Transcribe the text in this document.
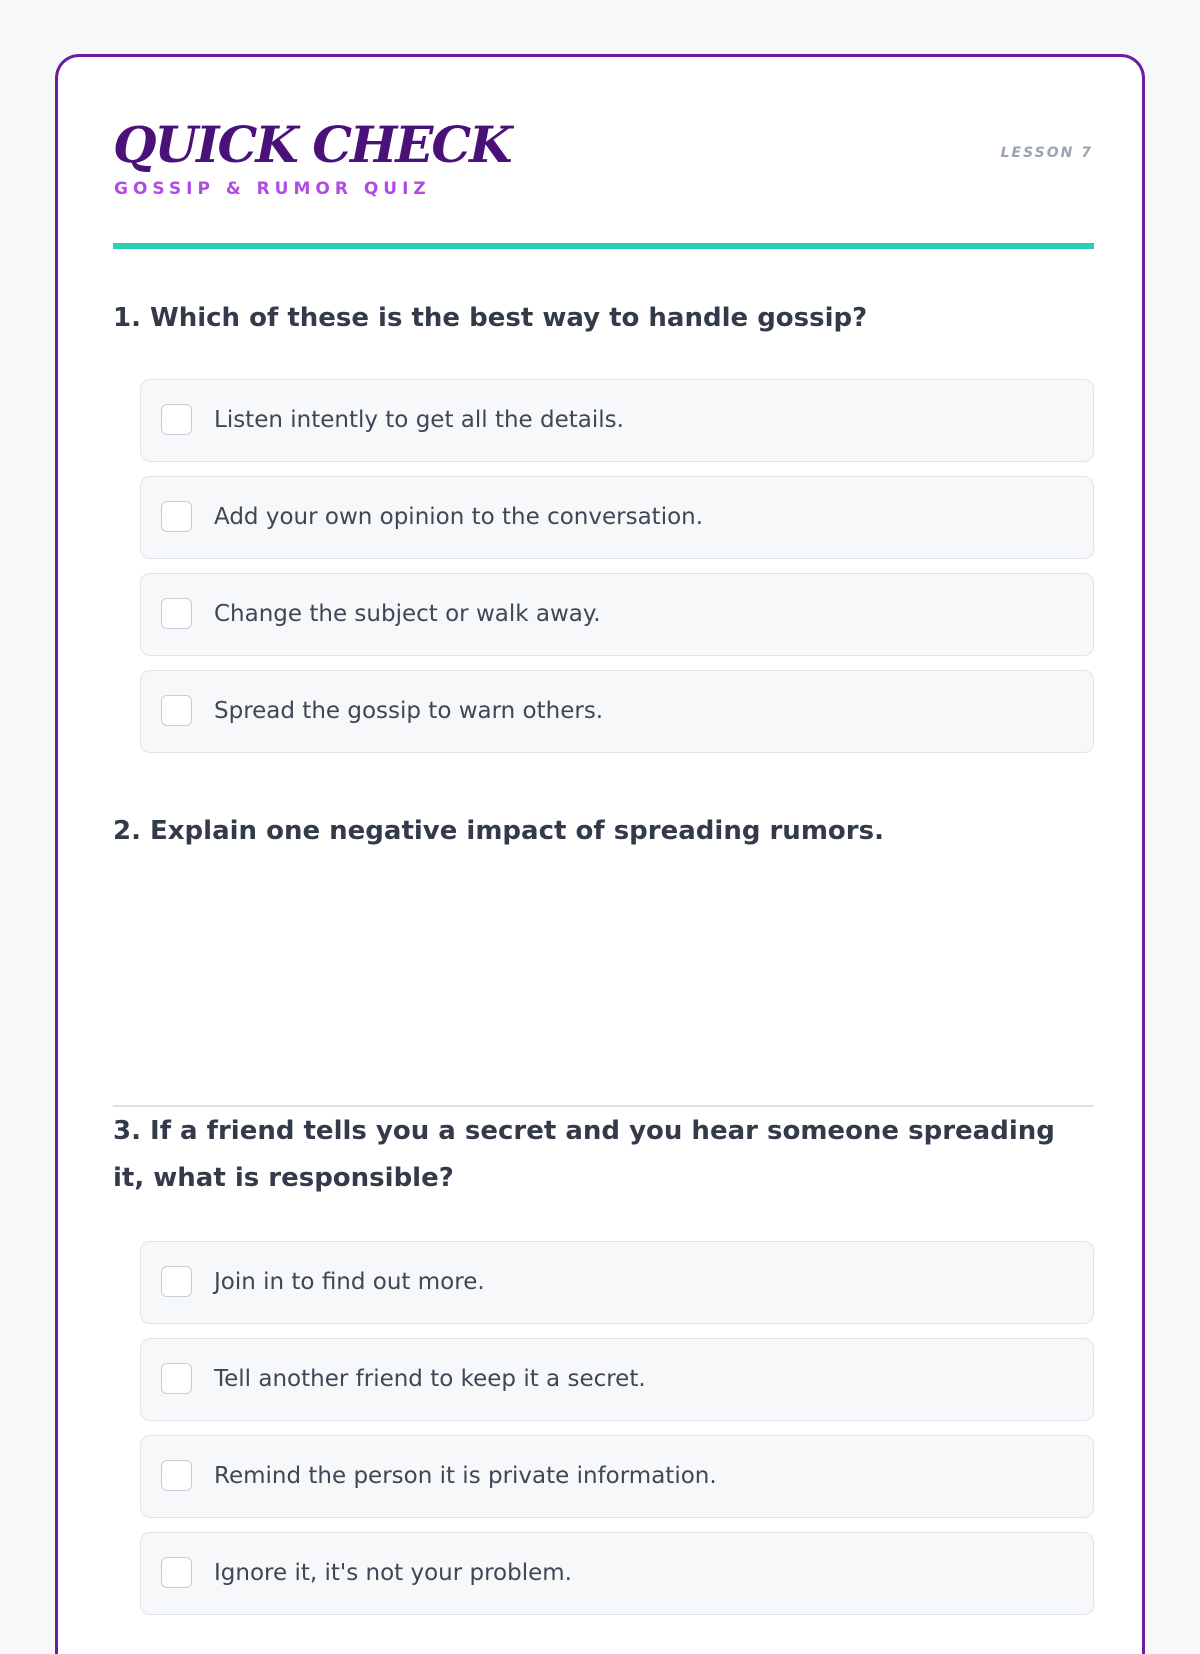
QUICK CHECK
GOSSIP & RUMOR QUIZ
LESSON 7
1. Which of these is the best way to handle gossip?
Listen intently to get all the details.
Add your own opinion to the conversation.
Change the subject or walk away.
Spread the gossip to warn others.
2. Explain one negative impact of spreading rumors.
3. If a friend tells you a secret and you hear someone spreading it, what is responsible?
Join in to find out more.
Tell another friend to keep it a secret.
Remind the person it is private information.
Ignore it, it's not your problem.
